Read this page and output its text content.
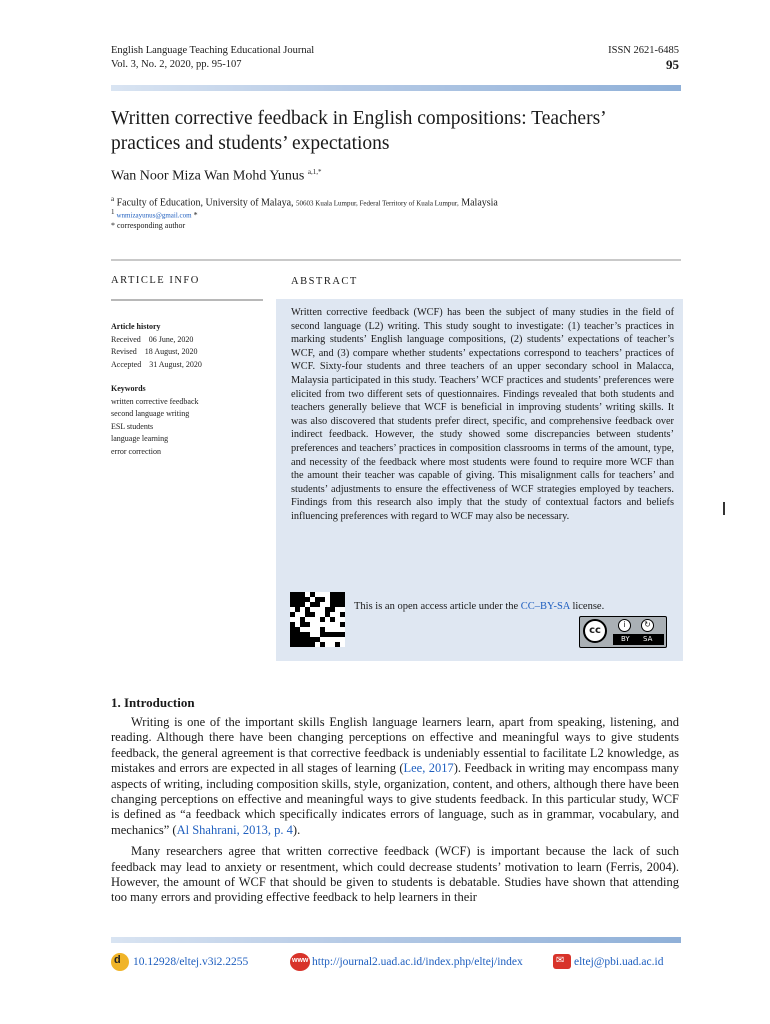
English Language Teaching Educational Journal
Vol. 3, No. 2, 2020, pp. 95-107
ISSN 2621-6485
95
Written corrective feedback in English compositions: Teachers’
practices and students’ expectations
Wan Noor Miza Wan Mohd Yunus $^{a,1,*}$
$^a$ Faculty of Education, University of Malaya, 50603 Kuala Lumpur, Federal Territory of Kuala Lumpur, Malaysia
$^1$ wnmizayunus@gmail.com *
* corresponding author
ARTICLE INFO
Article history
Received    06 June, 2020
Revised    18 August, 2020
Accepted    31 August, 2020
Keywords
written corrective feedback
second language writing
ESL students
language learning
error correction
ABSTRACT
Written corrective feedback (WCF) has been the subject of many studies in the field of second language (L2) writing. This study sought to investigate: (1) teacher’s practices in marking students’ English language compositions, (2) students’ expectations of teacher’s WCF, and (3) compare whether students’ expectations correspond to teachers’ practices of WCF. Sixty-four students and three teachers of an upper secondary school in Malacca, Malaysia participated in this study. Teachers’ WCF practices and students’ preferences were elicited from two different sets of questionnaires. Findings revealed that both students and teachers generally believe that WCF is beneficial in improving students’ writing skills. It was also discovered that students prefer direct, specific, and comprehensive feedback over indirect feedback. However, the study showed some discrepancies between students’ preferences and teachers’ practices in composition classrooms in terms of the amount, type, and necessity of the feedback where most students were found to require more WCF than the amount their teacher was capable of giving. This misalignment calls for teachers’ and students’ adjustments to ensure the effectiveness of WCF strategies employed by teachers. Findings from this research also imply that the study of contextual factors and beliefs influencing preferences with regard to WCF may also be necessary.
This is an open access article under the CC–BY-SA license.
cc
i	↻
BY SA
1. Introduction

Writing is one of the important skills English language learners learn, apart from speaking, listening, and reading. Although there have been changing perceptions on effective and meaningful ways to give students feedback, the general agreement is that corrective feedback is undeniably essential to facilitate L2 knowledge, as mistakes and errors are expected in all stages of learning (Lee, 2017). Feedback in writing may encompass many aspects of writing, including composition skills, style, organization, content, and others, although there have been changing perceptions on effective and meaningful ways to give students feedback. In this particular study, WCF is defined as “a feedback which specifically indicates errors of language, such as in grammar, vocabulary, and mechanics” (Al Shahrani, 2013, p. 4).

Many researchers agree that written corrective feedback (WCF) is important because the lack of such feedback may lead to anxiety or resentment, which could decrease students’ motivation to learn (Ferris, 2004). However, the amount of WCF that should be given to students is debatable. Studies have shown that attending too many errors and providing effective feedback to help learners in their

d 10.12928/eltej.v3i2.2255	www http://journal2.uad.ac.id/index.php/eltej/index	✉ eltej@pbi.uad.ac.id
